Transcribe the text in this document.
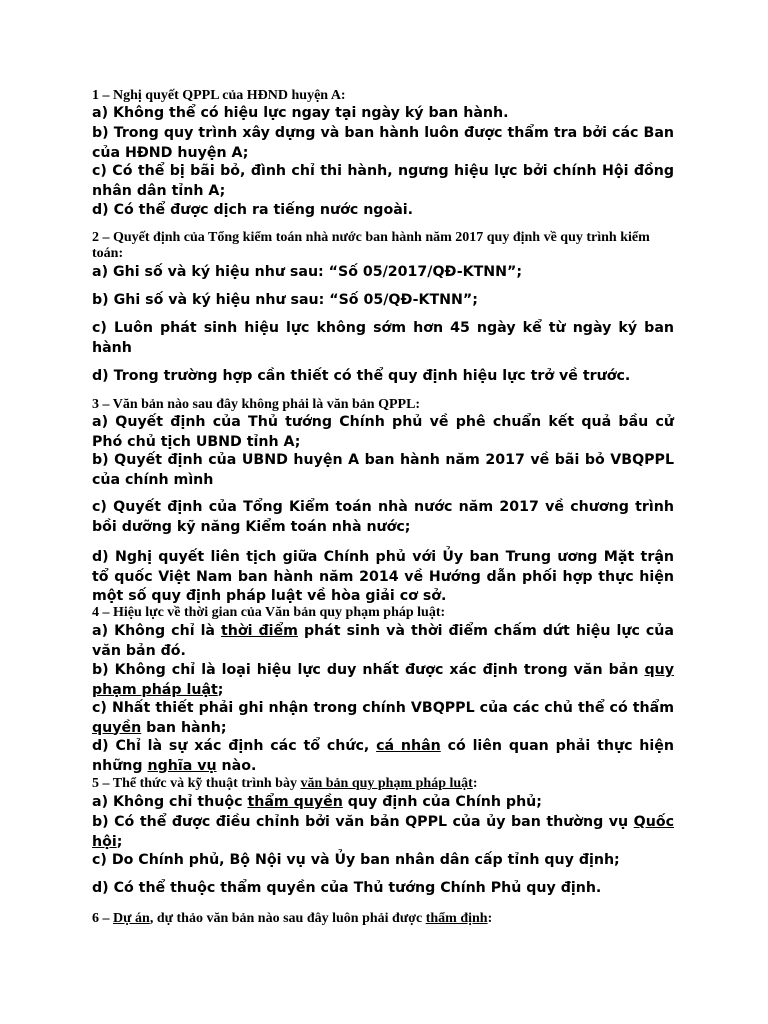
1 – Nghị quyết QPPL của HĐND huyện A:
a) Không thể có hiệu lực ngay tại ngày ký ban hành.
b) Trong quy trình xây dựng và ban hành luôn được thẩm tra bởi các Ban của HĐND huyện A;
c) Có thể bị bãi bỏ, đình chỉ thi hành, ngưng hiệu lực bởi chính Hội đồng nhân dân tỉnh A;
d) Có thể được dịch ra tiếng nước ngoài.
2 – Quyết định của Tổng kiểm toán nhà nước ban hành năm 2017 quy định về quy trình kiểm toán:
a) Ghi số và ký hiệu như sau: “Số 05/2017/QĐ-KTNN”;
b) Ghi số và ký hiệu như sau: “Số 05/QĐ-KTNN”;
c) Luôn phát sinh hiệu lực không sớm hơn 45 ngày kể từ ngày ký ban hành
d) Trong trường hợp cần thiết có thể quy định hiệu lực trở về trước.
3 – Văn bản nào sau đây không phải là văn bản QPPL:
a) Quyết định của Thủ tướng Chính phủ về phê chuẩn kết quả bầu cử Phó chủ tịch UBND tỉnh A;
b) Quyết định của UBND huyện A ban hành năm 2017 về bãi bỏ VBQPPL của chính mình
c) Quyết định của Tổng Kiểm toán nhà nước năm 2017 về chương trình bồi dưỡng kỹ năng Kiểm toán nhà nước;
d) Nghị quyết liên tịch giữa Chính phủ với Ủy ban Trung ương Mặt trận tổ quốc Việt Nam ban hành năm 2014 về Hướng dẫn phối hợp thực hiện một số quy định pháp luật về hòa giải cơ sở.
4 – Hiệu lực về thời gian của Văn bản quy phạm pháp luật:
a) Không chỉ là thời điểm phát sinh và thời điểm chấm dứt hiệu lực của văn bản đó.
b) Không chỉ là loại hiệu lực duy nhất được xác định trong văn bản quy phạm pháp luật;
c) Nhất thiết phải ghi nhận trong chính VBQPPL của các chủ thể có thẩm quyền ban hành;
d) Chỉ là sự xác định các tổ chức, cá nhân có liên quan phải thực hiện những nghĩa vụ nào.
5 – Thể thức và kỹ thuật trình bày văn bản quy phạm pháp luật:
a) Không chỉ thuộc thẩm quyền quy định của Chính phủ;
b) Có thể được điều chỉnh bởi văn bản QPPL của ủy ban thường vụ Quốc hội;
c) Do Chính phủ, Bộ Nội vụ và Ủy ban nhân dân cấp tỉnh quy định;
d) Có thể thuộc thẩm quyền của Thủ tướng Chính Phủ quy định.
6 – Dự án, dự thảo văn bản nào sau đây luôn phải được thẩm định:
